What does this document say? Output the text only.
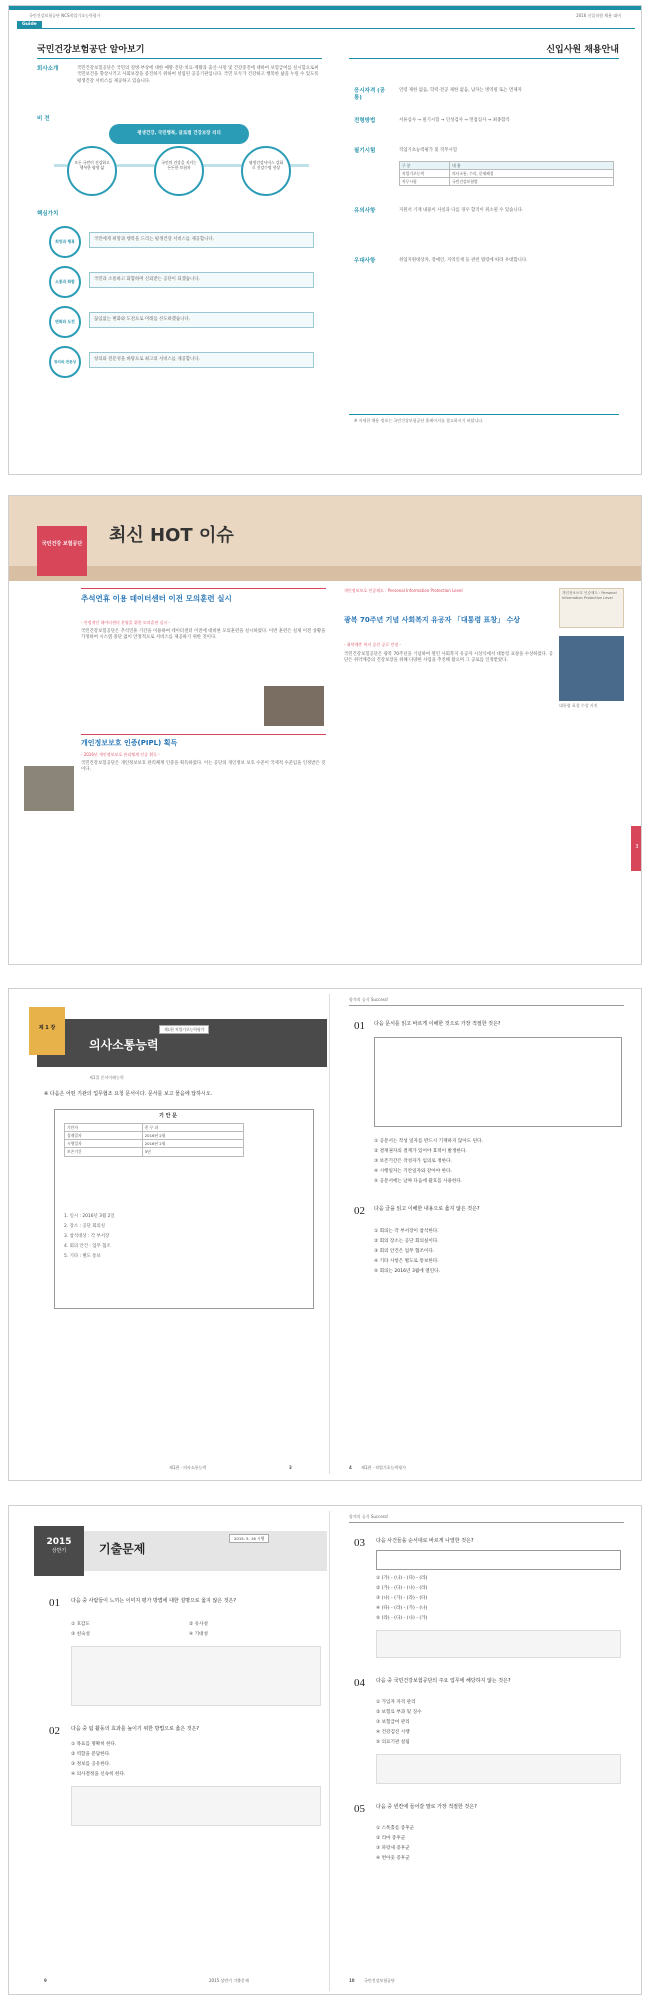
국민건강보험공단 NCS직업기초능력평가	2016 신입직원 채용 대비
Guide
국민건강보험공단 알아보기	신입사원 채용안내
회사소개	국민건강보험공단은 국민의 질병·부상에 대한 예방·진단·치료·재활과 출산·사망 및 건강증진에 대하여 보험급여를 실시함으로써 국민보건을 향상시키고 사회보장을 증진하기 위하여 설립된 공공기관입니다. 국민 모두가 건강하고 행복한 삶을 누릴 수 있도록 평생건강 서비스를 제공하고 있습니다.
비 전
평생건강, 국민행복, 글로벌 건강보장 리더
모든 국민이 건강하고 행복한 평생 삶
국민의 건강을 지키는 든든한 보험자
평생건강서비스 강화로 건강수명 향상
핵심가치
희망과 행복	국민에게 희망과 행복을 드리는 평생건강 서비스를 제공합니다.
소통과 화합	국민과 소통하고 화합하며 신뢰받는 공단이 되겠습니다.
변화와 도전	끊임없는 변화와 도전으로 미래를 선도하겠습니다.
창의와 전문성	창의와 전문성을 바탕으로 최고의 서비스를 제공합니다.
응시자격 (공통)
연령 제한 없음, 학력·전공 제한 없음, 남자는 병역필 또는 면제자
전형방법	서류심사 → 필기시험 → 인성검사 → 면접심사 → 최종합격
필기시험	직업기초능력평가 및 직무시험
구 분	내 용
직업기초능력	의사소통, 수리, 문제해결
직무시험	국민건강보험법
유의사항	지원서 기재 내용이 사실과 다를 경우 합격이 취소될 수 있습니다.
우대사항	취업지원대상자, 장애인, 지역인재 등 관련 법령에 따라 우대합니다.
※ 자세한 채용 정보는 국민건강보험공단 홈페이지를 참고하시기 바랍니다.
국민건강 보험공단 최신 HOT 이슈
추석연휴 이용 데이터센터 이전 모의훈련 실시
- 안정적인 데이터센터 운영을 위한 모의훈련 실시 -
국민건강보험공단은 추석연휴 기간을 이용하여 데이터센터 이전에 대비한 모의훈련을 실시하였다. 이번 훈련은 실제 이전 상황을 가정하여 시스템 중단 없이 안정적으로 서비스를 제공하기 위한 것이다.
개인정보보호 인증(PIPL) 획득
- 2016년 개인정보보호 관리체계 인증 획득 -
국민건강보험공단은 개인정보보호 관리체계 인증을 획득하였다. 이는 공단의 개인정보 보호 수준이 국제적 수준임을 인정받은 것이다.
개인정보보호 인증제도 : Personal Information Protection Level
광복 70주년 기념 사회복지 유공자 「대통령 표창」 수상
- 취약계층 복지 증진 공로 인정 -
국민건강보험공단은 광복 70주년을 기념하여 열린 사회복지 유공자 시상식에서 대통령 표창을 수상하였다. 공단은 취약계층의 건강보장을 위해 다양한 사업을 추진해 왔으며 그 공로를 인정받았다.
개인정보보호 인증제도 : Personal Information Protection Level
대통령 표창 수상 사진
3
제 1 장	제1편 직업기초능력평가
의사소통능력
제1절 문서이해능력
※ 다음은 어떤 기관의 업무협조 요청 문서이다. 문서를 보고 물음에 답하시오.
기 안 문
기안자	총 무 과
결재일자	2016년 2월
시행일자	2016년 2월
보존기간	5년
1. 일시 : 2016년 3월 2일
2. 장소 : 공단 회의실
3. 참석대상 : 각 부서장
4. 회의 안건 : 업무 협조
5. 기타 : 별도 통보
제1편 · 의사소통능력	3
합격의 공식 Success!
01 다음 문서를 읽고 바르게 이해한 것으로 가장 적절한 것은?
① 공문서는 작성 일자를 반드시 기재하지 않아도 된다.
② 결재권자의 결재가 있어야 효력이 발생한다.
③ 보존기간은 작성자가 임의로 정한다.
④ 시행일자는 기안일자와 같아야 한다.
⑤ 공문서에는 날짜 다음에 괄호를 사용한다.
02 다음 글을 읽고 이해한 내용으로 옳지 않은 것은?
① 회의는 각 부서장이 참석한다.
② 회의 장소는 공단 회의실이다.
③ 회의 안건은 업무 협조이다.
④ 기타 사항은 별도로 통보한다.
⑤ 회의는 2016년 3월에 열린다.
4 제1편 · 직업기초능력평가
2015
상반기	기출문제
2015. 5. 16 시행
01 다음 중 사람들이 느끼는 이미지 평가 방법에 대한 설명으로 옳지 않은 것은?
① 호감도	② 유사성
③ 친숙성	④ 기대성
02 다음 중 팀 활동의 효과를 높이기 위한 방법으로 옳은 것은?
① 목표를 명확히 한다.
② 역할을 분담한다.
③ 정보를 공유한다.
④ 의사결정을 신속히 한다.
9	2015 상반기 기출문제
합격의 공식 Success!
03 다음 사건들을 순서대로 바르게 나열한 것은?
① (가) - (나) - (다) - (라)
② (가) - (다) - (나) - (라)
③ (나) - (가) - (라) - (다)
④ (다) - (라) - (가) - (나)
⑤ (라) - (다) - (나) - (가)
04 다음 중 국민건강보험공단의 주요 업무에 해당하지 않는 것은?
① 가입자 자격 관리
② 보험료 부과 및 징수
③ 보험급여 관리
④ 건강검진 시행
⑤ 의료기관 설립
05 다음 중 빈칸에 들어갈 말로 가장 적절한 것은?
① 스톡홀름 증후군
② 리마 증후군
③ 파랑새 증후군
④ 번아웃 증후군
10 국민건강보험공단
